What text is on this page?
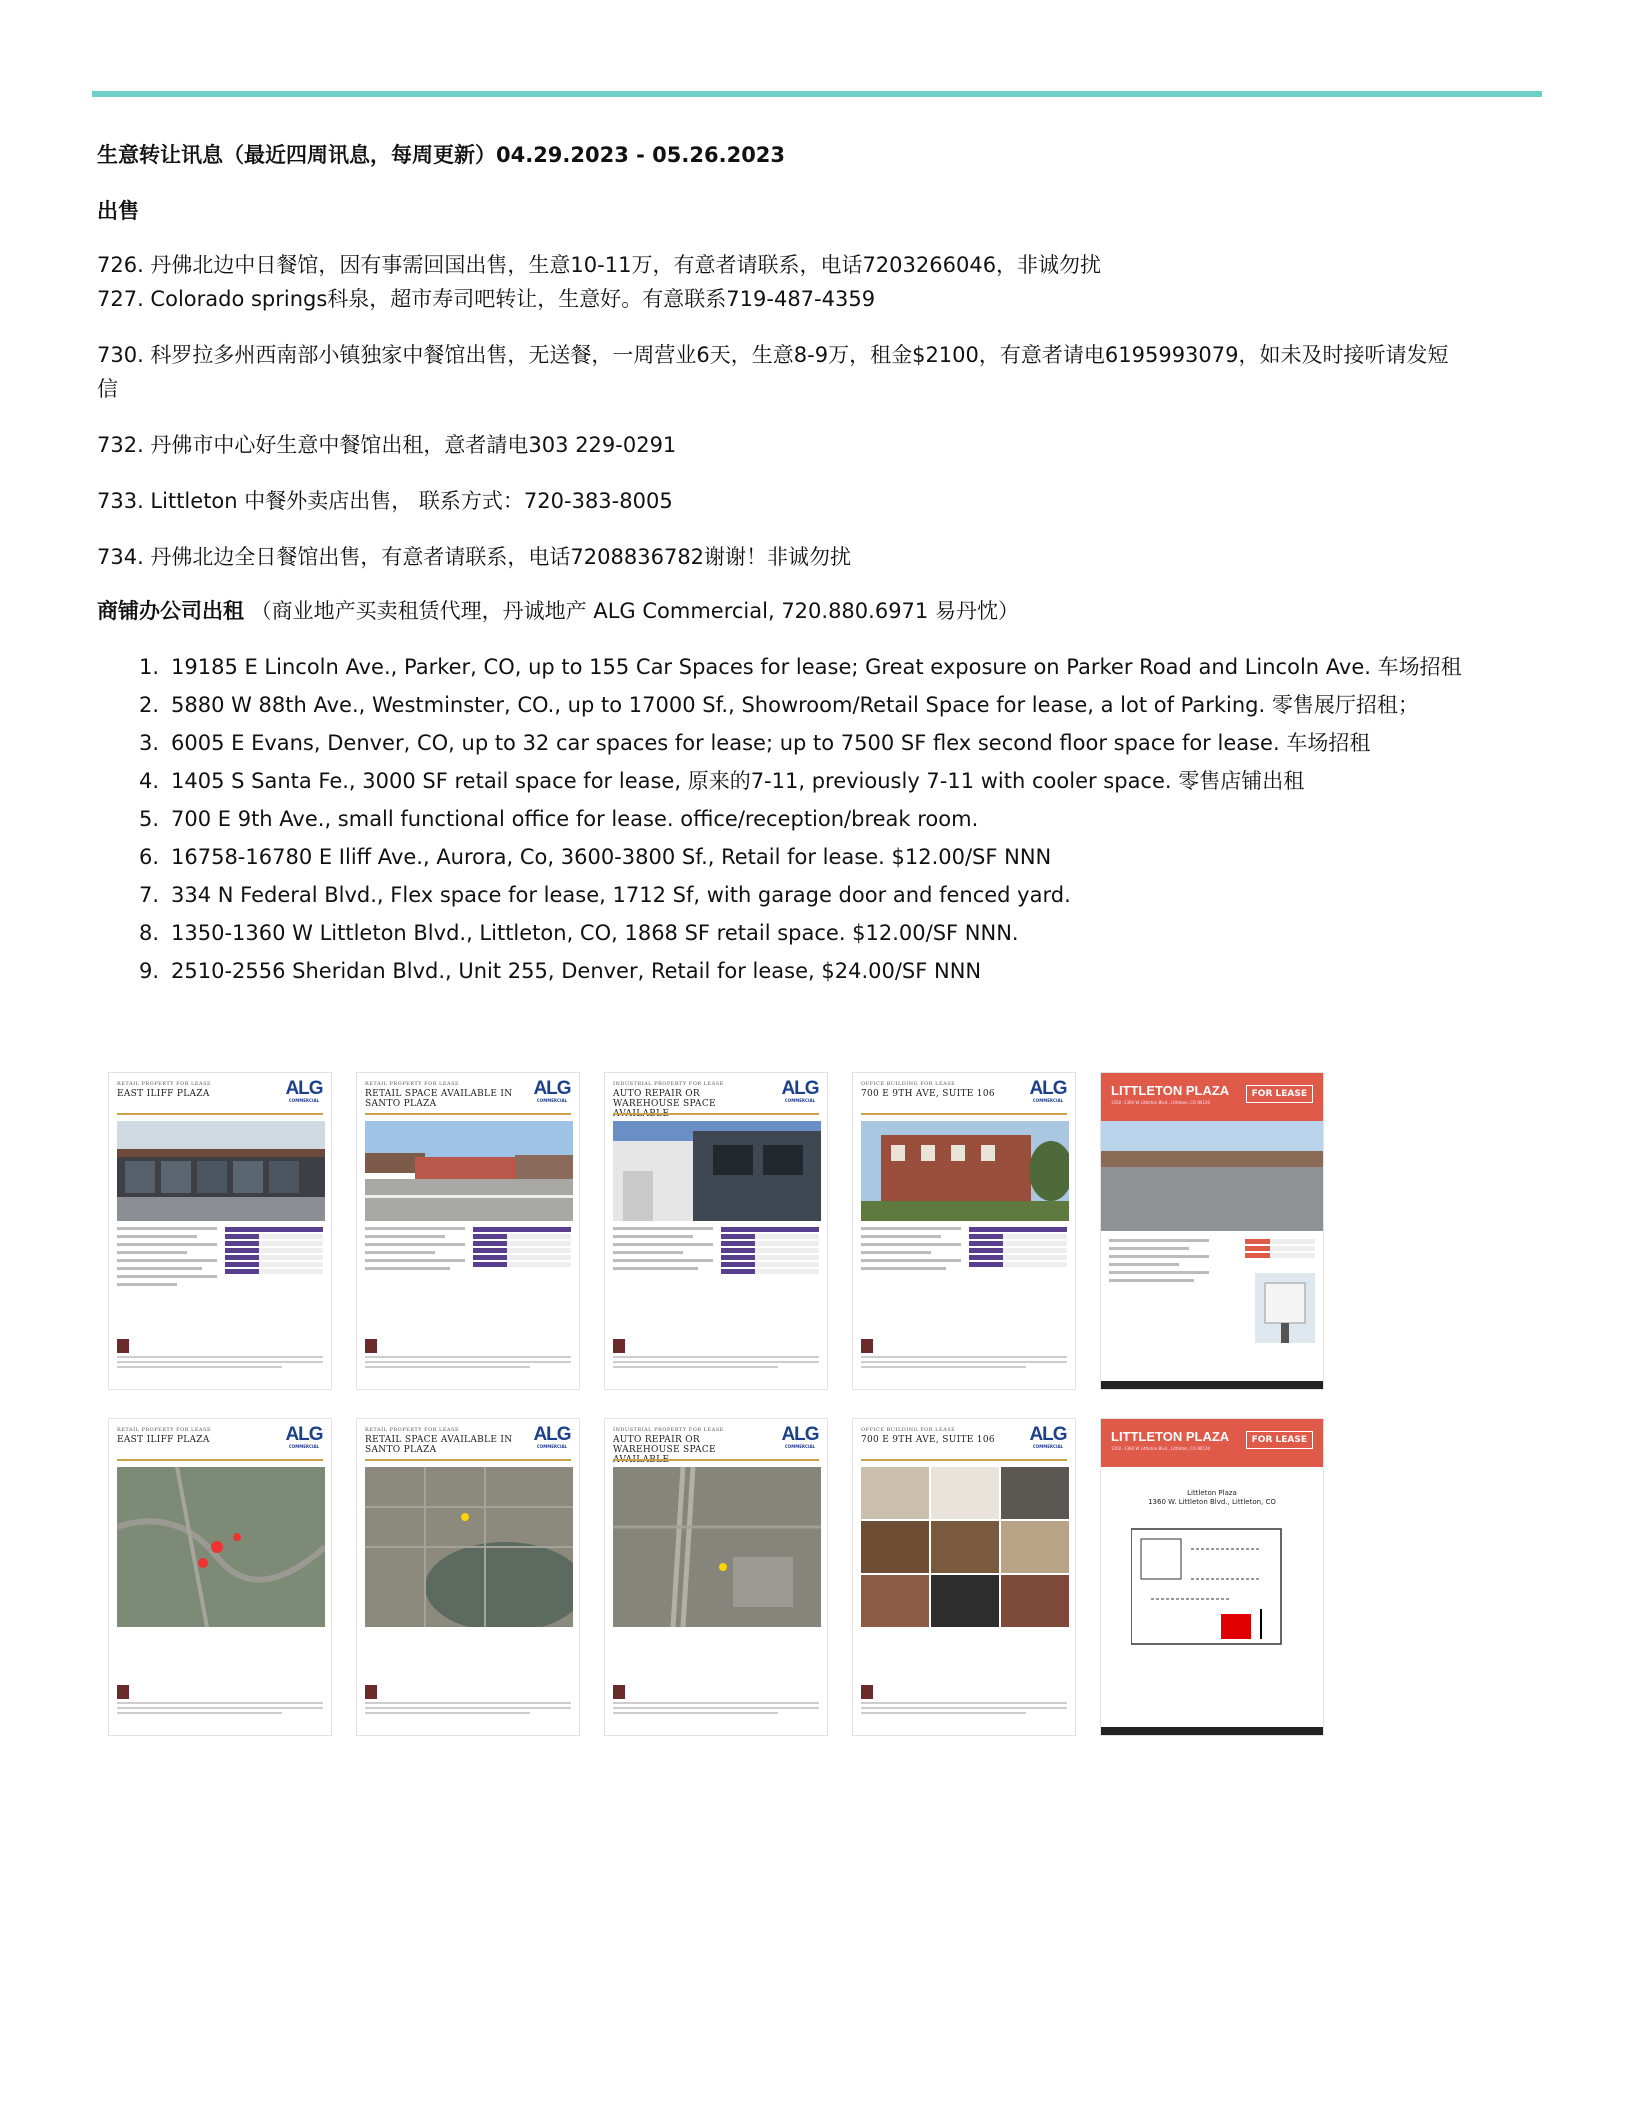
生意转让讯息（最近四周讯息，每周更新）04.29.2023 - 05.26.2023
出售
726. 丹佛北边中日餐馆，因有事需回国出售，生意10-11万，有意者请联系，电话7203266046，非诚勿扰
727. Colorado springs科泉，超市寿司吧转让，生意好。有意联系719-487-4359
730. 科罗拉多州西南部小镇独家中餐馆出售，无送餐，一周营业6天，生意8-9万，租金$2100，有意者请电6195993079，如未及时接听请发短
信
732. 丹佛市中心好生意中餐馆出租，意者請电303 229-0291
733. Littleton 中餐外卖店出售， 联系方式：720-383-8005
734. 丹佛北边全日餐馆出售，有意者请联系，电话7208836782谢谢！非诚勿扰
商铺办公司出租 （商业地产买卖租赁代理，丹诚地产 ALG Commercial, 720.880.6971 易丹忱）
1. 19185 E Lincoln Ave., Parker, CO, up to 155 Car Spaces for lease; Great exposure on Parker Road and Lincoln Ave. 车场招租
2. 5880 W 88th Ave., Westminster, CO., up to 17000 Sf., Showroom/Retail Space for lease, a lot of Parking. 零售展厅招租；
3. 6005 E Evans, Denver, CO, up to 32 car spaces for lease; up to 7500 SF flex second floor space for lease. 车场招租
4. 1405 S Santa Fe., 3000 SF retail space for lease, 原来的7-11, previously 7-11 with cooler space. 零售店铺出租
5. 700 E 9th Ave., small functional office for lease. office/reception/break room.
6. 16758-16780 E Iliff Ave., Aurora, Co, 3600-3800 Sf., Retail for lease. $12.00/SF NNN
7. 334 N Federal Blvd., Flex space for lease, 1712 Sf, with garage door and fenced yard.
8. 1350-1360 W Littleton Blvd., Littleton, CO, 1868 SF retail space. $12.00/SF NNN.
9. 2510-2556 Sheridan Blvd., Unit 255, Denver, Retail for lease, $24.00/SF NNN
RETAIL PROPERTY FOR LEASE
EAST ILIFF PLAZA	ALG
COMMERCIAL
RETAIL PROPERTY FOR LEASE
RETAIL SPACE AVAILABLE IN SANTO PLAZA
ALG
COMMERCIAL
INDUSTRIAL PROPERTY FOR LEASE
AUTO REPAIR OR WAREHOUSE SPACE
ALG
COMMERCIAL
OFFICE BUILDING FOR LEASE
700 E 9TH AVE, SUITE 106	ALG
COMMERCIAL
LITTLETON PLAZA
1350 -1360 W Littleton Blvd., Littleton, CO 80120
FOR LEASE
RETAIL PROPERTY FOR LEASE
EAST ILIFF PLAZA	ALG
COMMERCIAL
RETAIL PROPERTY FOR LEASE
RETAIL SPACE AVAILABLE IN SANTO PLAZA
ALG
COMMERCIAL
INDUSTRIAL PROPERTY FOR LEASE
AUTO REPAIR OR WAREHOUSE SPACE
ALG
COMMERCIAL
OFFICE BUILDING FOR LEASE
700 E 9TH AVE, SUITE 106	ALG
COMMERCIAL
LITTLETON PLAZA
1350 -1360 W Littleton Blvd., Littleton, CO 80120
FOR LEASE
Littleton Plaza
1360 W. Littleton Blvd., Littleton, CO
